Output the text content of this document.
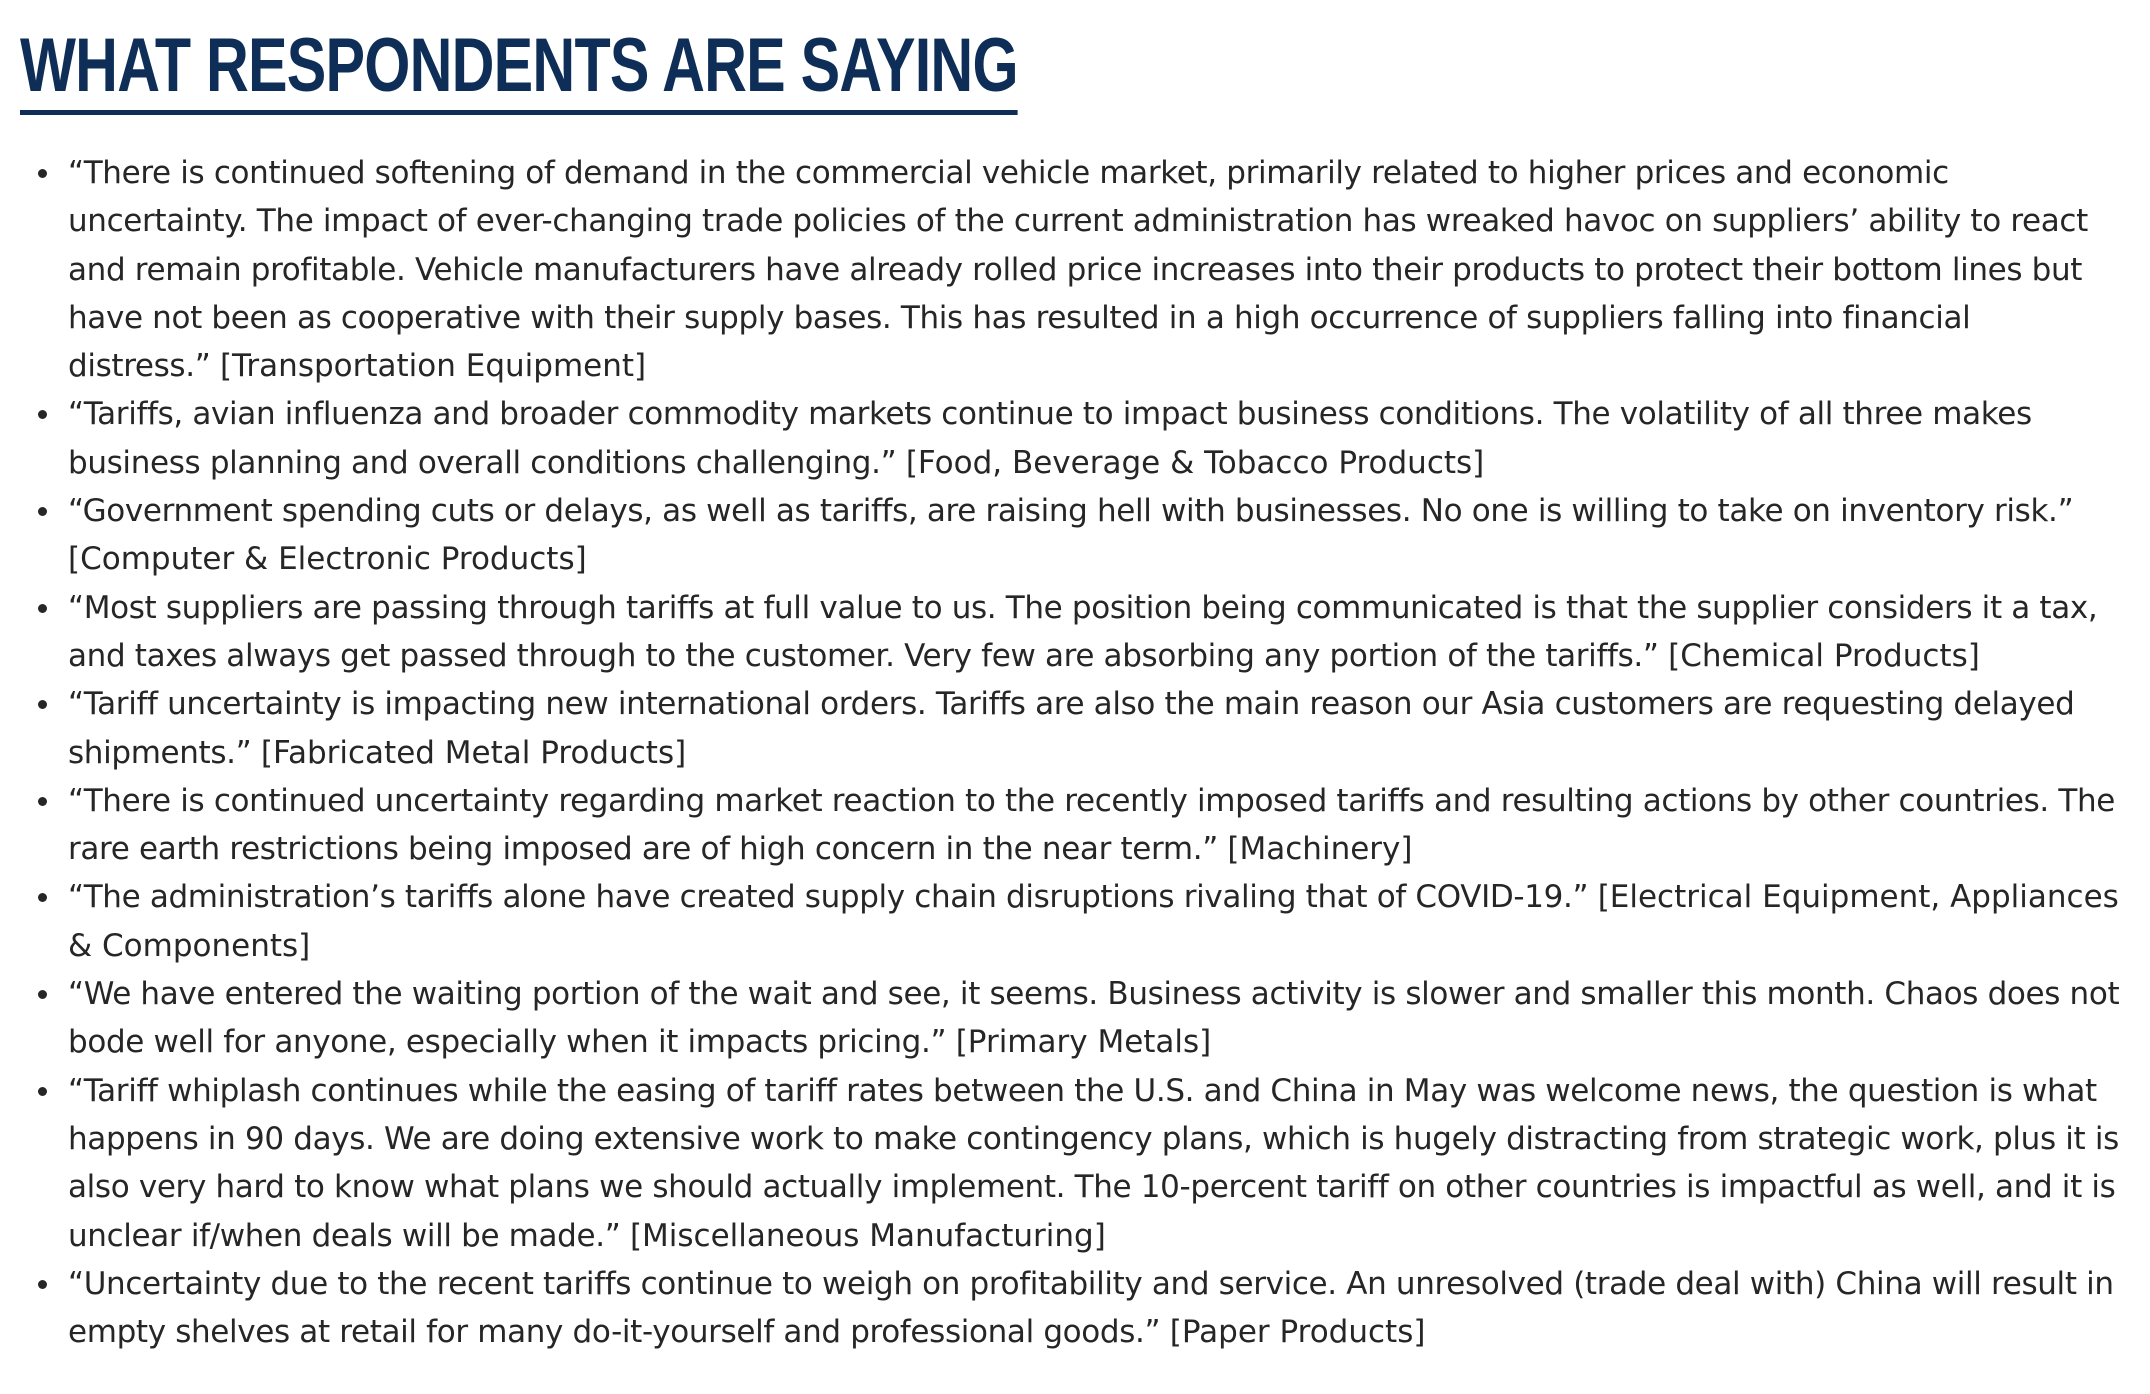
WHAT RESPONDENTS ARE SAYING
“There is continued softening of demand in the commercial vehicle market, primarily related to higher prices and economic uncertainty. The impact of ever-changing trade policies of the current administration has wreaked havoc on suppliers’ ability to react and remain profitable. Vehicle manufacturers have already rolled price increases into their products to protect their bottom lines but have not been as cooperative with their supply bases. This has resulted in a high occurrence of suppliers falling into financial distress.” [Transportation Equipment]
“Tariffs, avian influenza and broader commodity markets continue to impact business conditions. The volatility of all three makes business planning and overall conditions challenging.” [Food, Beverage & Tobacco Products]
“Government spending cuts or delays, as well as tariffs, are raising hell with businesses. No one is willing to take on inventory risk.” [Computer & Electronic Products]
“Most suppliers are passing through tariffs at full value to us. The position being communicated is that the supplier considers it a tax, and taxes always get passed through to the customer. Very few are absorbing any portion of the tariffs.” [Chemical Products]
“Tariff uncertainty is impacting new international orders. Tariffs are also the main reason our Asia customers are requesting delayed shipments.” [Fabricated Metal Products]
“There is continued uncertainty regarding market reaction to the recently imposed tariffs and resulting actions by other countries. The rare earth restrictions being imposed are of high concern in the near term.” [Machinery]
“The administration’s tariffs alone have created supply chain disruptions rivaling that of COVID-19.” [Electrical Equipment, Appliances & Components]
“We have entered the waiting portion of the wait and see, it seems. Business activity is slower and smaller this month. Chaos does not bode well for anyone, especially when it impacts pricing.” [Primary Metals]
“Tariff whiplash continues while the easing of tariff rates between the U.S. and China in May was welcome news, the question is what happens in 90 days. We are doing extensive work to make contingency plans, which is hugely distracting from strategic work, plus it is also very hard to know what plans we should actually implement. The 10-percent tariff on other countries is impactful as well, and it is unclear if/when deals will be made.” [Miscellaneous Manufacturing]
“Uncertainty due to the recent tariffs continue to weigh on profitability and service. An unresolved (trade deal with) China will result in empty shelves at retail for many do-it-yourself and professional goods.” [Paper Products]
